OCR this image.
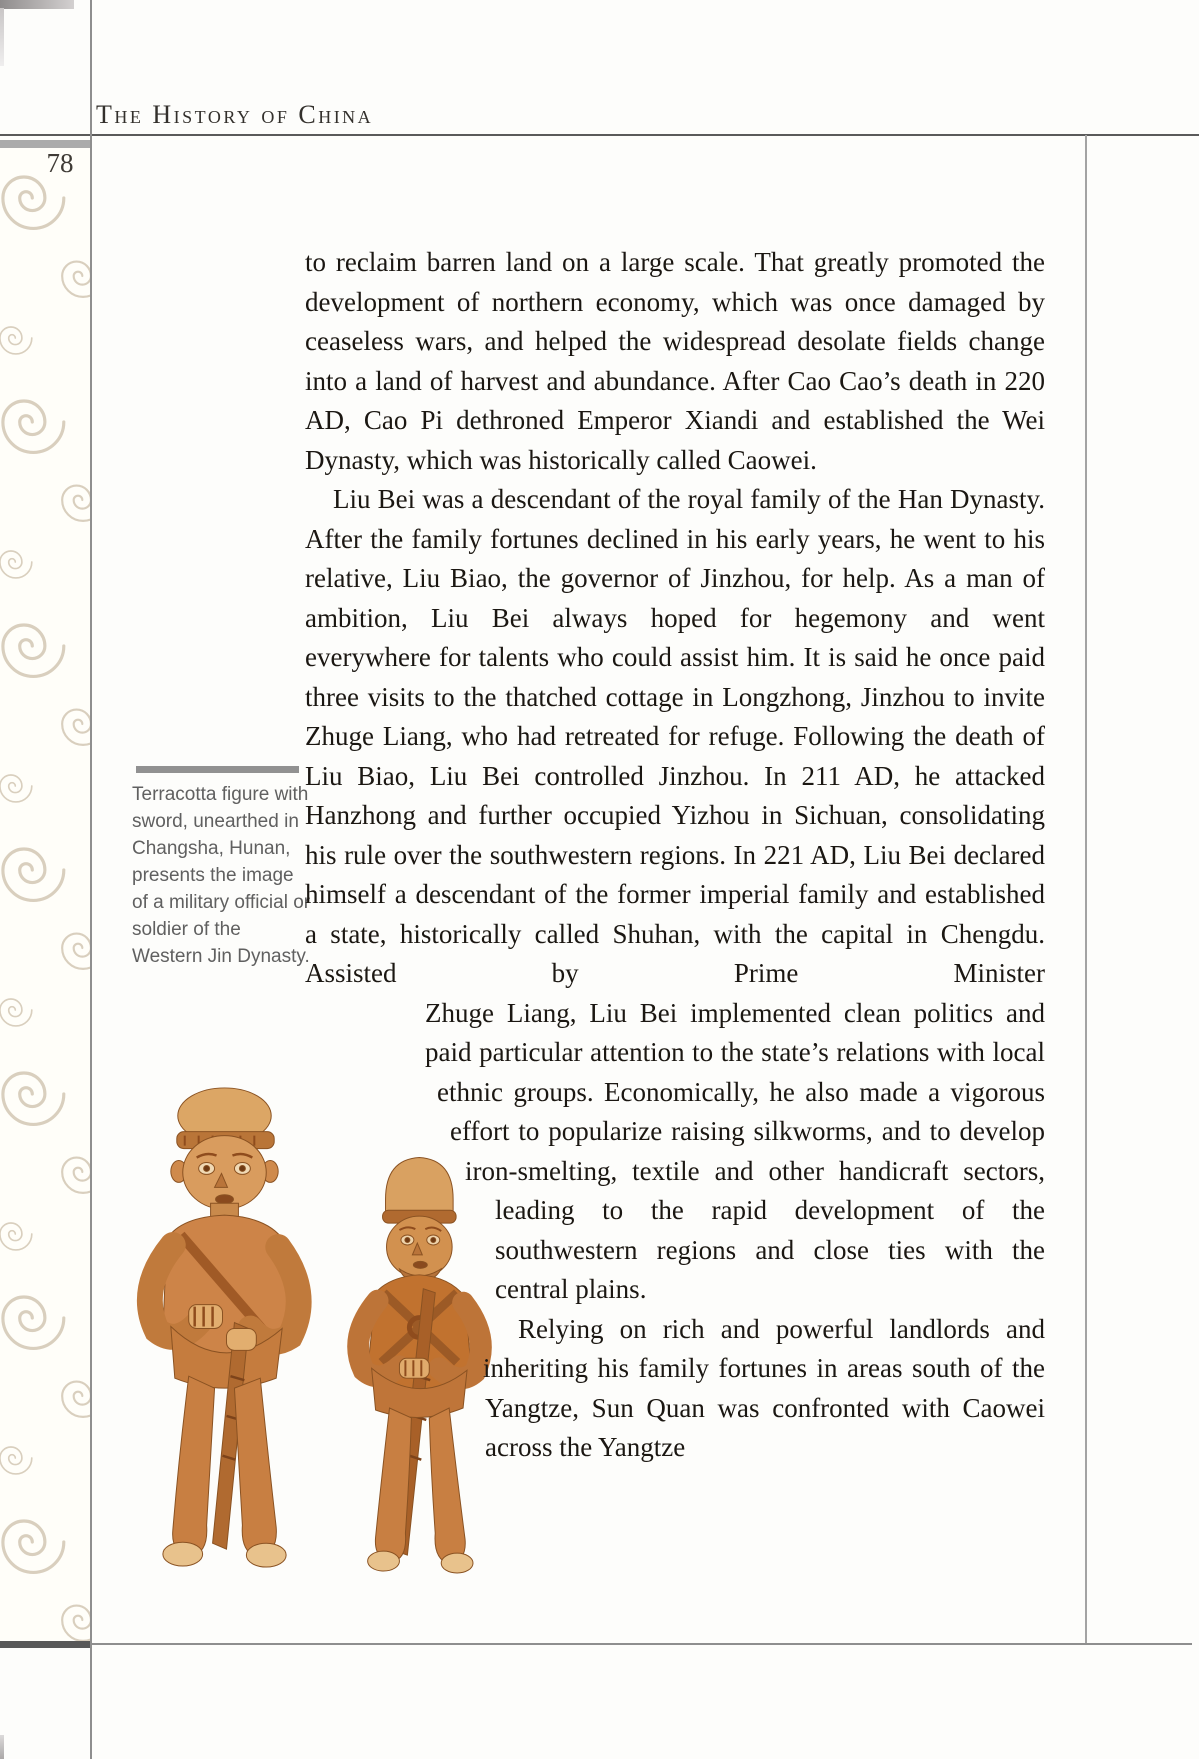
The History of China
78
Terracotta figure with sword, unearthed in Changsha, Hunan, presents the image of a military official or soldier of the Western Jin Dynasty.

to reclaim barren land on a large scale. That greatly promoted the development of northern economy, which was once damaged by ceaseless wars, and helped the widespread desolate fields change into a land of harvest and abundance. After Cao Cao’s death in 220 AD, Cao Pi dethroned Emperor Xiandi and established the Wei Dynasty, which was historically called Caowei.

Liu Bei was a descendant of the royal family of the Han Dynasty. After the family fortunes declined in his early years, he went to his relative, Liu Biao, the governor of Jinzhou, for help. As a man of ambition, Liu Bei always hoped for hegemony and went everywhere for talents who could assist him. It is said he once paid three visits to the thatched cottage in Longzhong, Jinzhou to invite Zhuge Liang, who had retreated for refuge. Following the death of Liu Biao, Liu Bei controlled Jinzhou. In 211 AD, he attacked Hanzhong and further occupied Yizhou in Sichuan, consolidating his rule over the southwestern regions. In 221 AD, Liu Bei declared himself a descendant of the former imperial family and established a state, historically called Shuhan, with the capital in Chengdu. Assisted by Prime Minister

Zhuge Liang, Liu Bei implemented clean politics and paid particular attention to the state’s relations with local ethnic groups. Economically, he also made a vigorous effort to popularize raising silkworms, and to develop iron-smelting, textile and other handicraft sectors, leading to the rapid development of the southwestern regions and close ties with the central plains.

Relying on rich and powerful landlords and inheriting his family fortunes in areas south of the Yangtze, Sun Quan was confronted with Caowei across the Yangtze
